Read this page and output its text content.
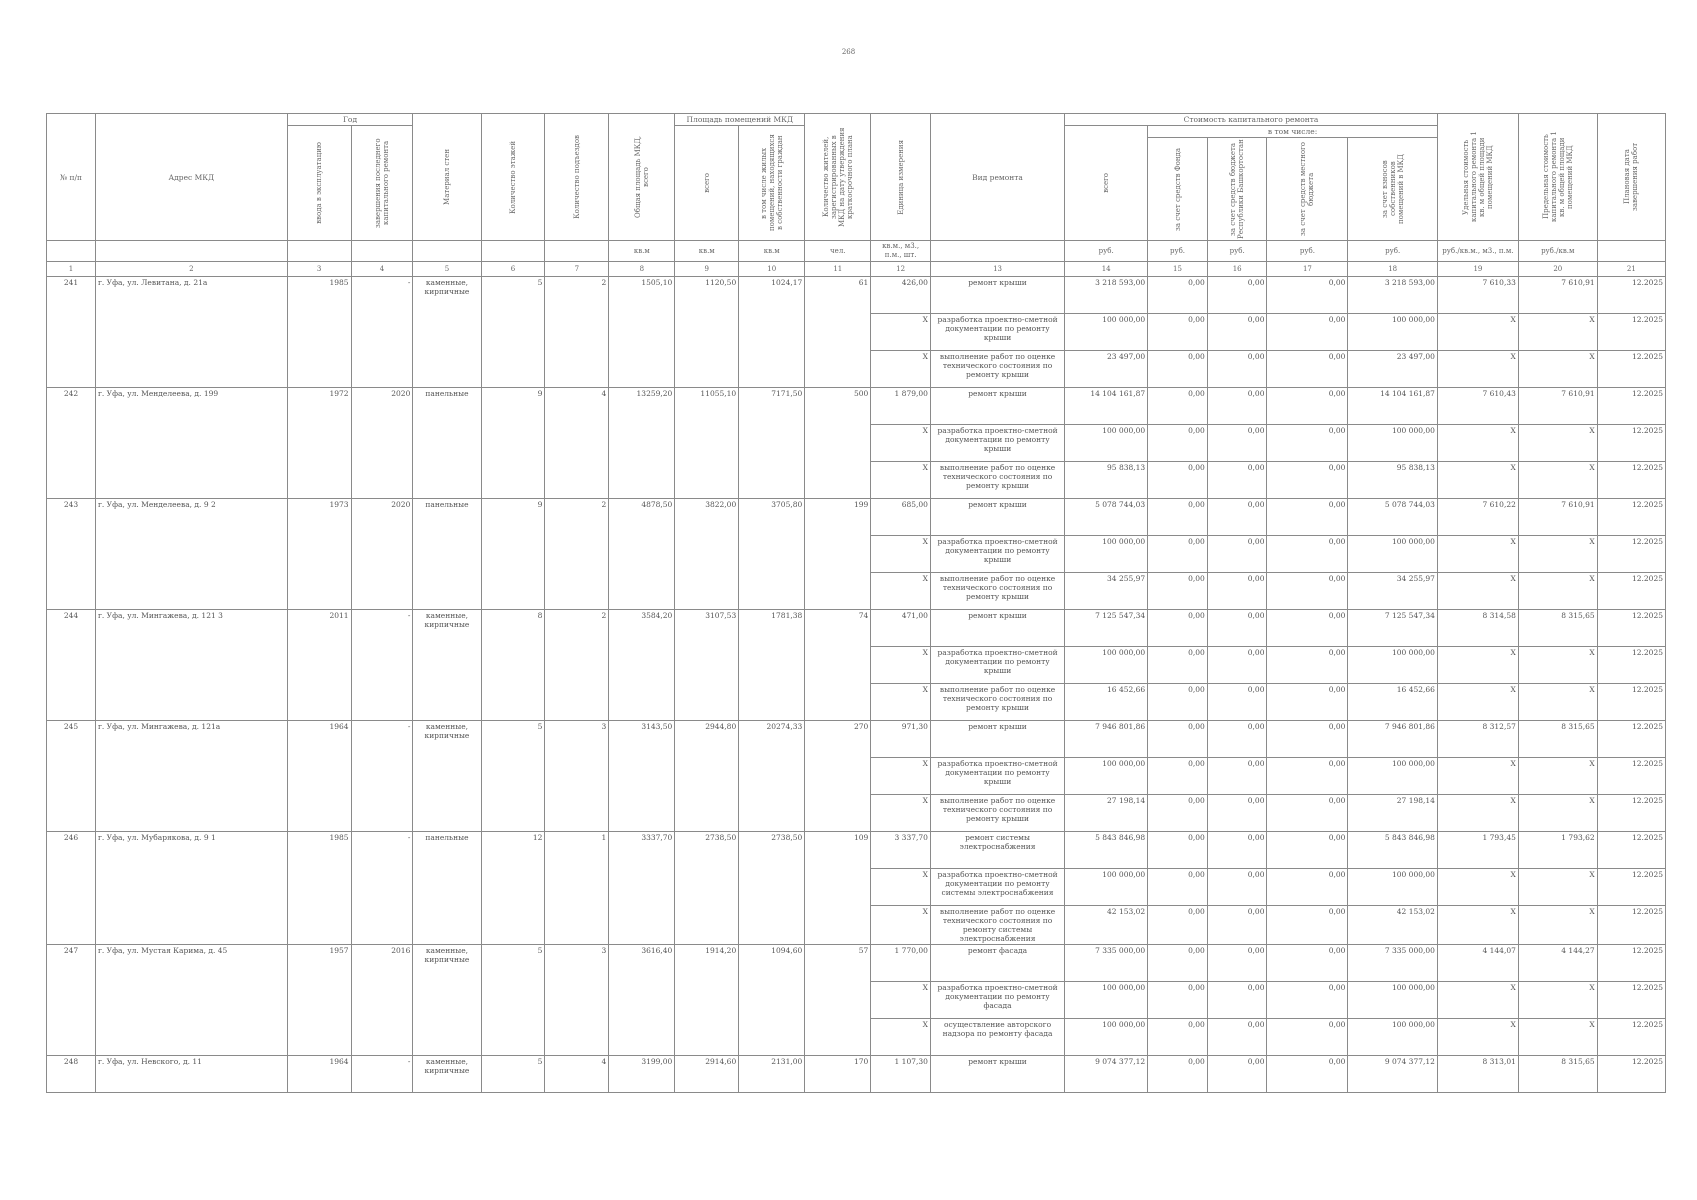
268
№ п/п	Адрес МКД	Год		Материал стен	Количество этажей	Количество подъездов	Общая площадь МКД, всего	Площадь помещений МКД		Количество жителей, зарегистрированных в МКД на дату утверждения краткосрочного плана	Единица измерения	Вид ремонта	Стоимость капитального ремонта					Удельная стоимость капитального ремонта 1 кв. м общей площади помещений МКД	Предельная стоимость капитального ремонта 1 кв. м общей площади помещений МКД	Плановая дата завершения работ

		ввода в эксплуатацию	завершения последнего капитального ремонта					всего	в том числе жилых помещений, находящихся в собственности граждан				всего	в том числе:						

														за счет средств Фонда	за счет средств бюджета Республики Башкортостан	за счет средств местного бюджета	за счет взносов собственников помещений в МКД			

							кв.м	кв.м	кв.м	чел.	кв.м., м3., п.м., шт.		руб.	руб.	руб.	руб.	руб.	руб./кв.м., м3., п.м.	руб./кв.м	
1	2	3	4	5	6	7	8	9	10	11	12	13	14	15	16	17	18	19	20	21
241	г. Уфа, ул. Левитана, д. 21а	1985	-	каменные, кирпичные	5	2	1505,10	1120,50	1024,17	61	426,00	ремонт крыши	3 218 593,00	0,00	0,00	0,00	3 218 593,00	7 610,33	7 610,91	12.2025
											X	разработка проектно-сметной документации по ремонту крыши	100 000,00	0,00	0,00	0,00	100 000,00	X	X	12.2025
											X	выполнение работ по оценке технического состояния по ремонту крыши	23 497,00	0,00	0,00	0,00	23 497,00	X	X	12.2025
242	г. Уфа, ул. Менделеева, д. 199	1972	2020	панельные	9	4	13259,20	11055,10	7171,50	500	1 879,00	ремонт крыши	14 104 161,87	0,00	0,00	0,00	14 104 161,87	7 610,43	7 610,91	12.2025
											X	разработка проектно-сметной документации по ремонту крыши	100 000,00	0,00	0,00	0,00	100 000,00	X	X	12.2025
											X	выполнение работ по оценке технического состояния по ремонту крыши	95 838,13	0,00	0,00	0,00	95 838,13	X	X	12.2025
243	г. Уфа, ул. Менделеева, д. 9 2	1973	2020	панельные	9	2	4878,50	3822,00	3705,80	199	685,00	ремонт крыши	5 078 744,03	0,00	0,00	0,00	5 078 744,03	7 610,22	7 610,91	12.2025
											X	разработка проектно-сметной документации по ремонту крыши	100 000,00	0,00	0,00	0,00	100 000,00	X	X	12.2025
											X	выполнение работ по оценке технического состояния по ремонту крыши	34 255,97	0,00	0,00	0,00	34 255,97	X	X	12.2025
244	г. Уфа, ул. Мингажева, д. 121 3	2011	-	каменные, кирпичные	8	2	3584,20	3107,53	1781,38	74	471,00	ремонт крыши	7 125 547,34	0,00	0,00	0,00	7 125 547,34	8 314,58	8 315,65	12.2025
											X	разработка проектно-сметной документации по ремонту крыши	100 000,00	0,00	0,00	0,00	100 000,00	X	X	12.2025
											X	выполнение работ по оценке технического состояния по ремонту крыши	16 452,66	0,00	0,00	0,00	16 452,66	X	X	12.2025
245	г. Уфа, ул. Мингажева, д. 121а	1964	-	каменные, кирпичные	5	3	3143,50	2944,80	20274,33	270	971,30	ремонт крыши	7 946 801,86	0,00	0,00	0,00	7 946 801,86	8 312,57	8 315,65	12.2025
											X	разработка проектно-сметной документации по ремонту крыши	100 000,00	0,00	0,00	0,00	100 000,00	X	X	12.2025
											X	выполнение работ по оценке технического состояния по ремонту крыши	27 198,14	0,00	0,00	0,00	27 198,14	X	X	12.2025
246	г. Уфа, ул. Мубарякова, д. 9 1	1985	-	панельные	12	1	3337,70	2738,50	2738,50	109	3 337,70	ремонт системы электроснабжения	5 843 846,98	0,00	0,00	0,00	5 843 846,98	1 793,45	1 793,62	12.2025
											X	разработка проектно-сметной документации по ремонту системы электроснабжения	100 000,00	0,00	0,00	0,00	100 000,00	X	X	12.2025
											X	выполнение работ по оценке технического состояния по ремонту системы электроснабжения	42 153,02	0,00	0,00	0,00	42 153,02	X	X	12.2025
247	г. Уфа, ул. Мустая Карима, д. 45	1957	2016	каменные, кирпичные	5	3	3616,40	1914,20	1094,60	57	1 770,00	ремонт фасада	7 335 000,00	0,00	0,00	0,00	7 335 000,00	4 144,07	4 144,27	12.2025
											X	разработка проектно-сметной документации по ремонту фасада	100 000,00	0,00	0,00	0,00	100 000,00	X	X	12.2025
											X	осуществление авторского надзора по ремонту фасада	100 000,00	0,00	0,00	0,00	100 000,00	X	X	12.2025
248	г. Уфа, ул. Невского, д. 11	1964	-	каменные, кирпичные	5	4	3199,00	2914,60	2131,00	170	1 107,30	ремонт крыши	9 074 377,12	0,00	0,00	0,00	9 074 377,12	8 313,01	8 315,65	12.2025
